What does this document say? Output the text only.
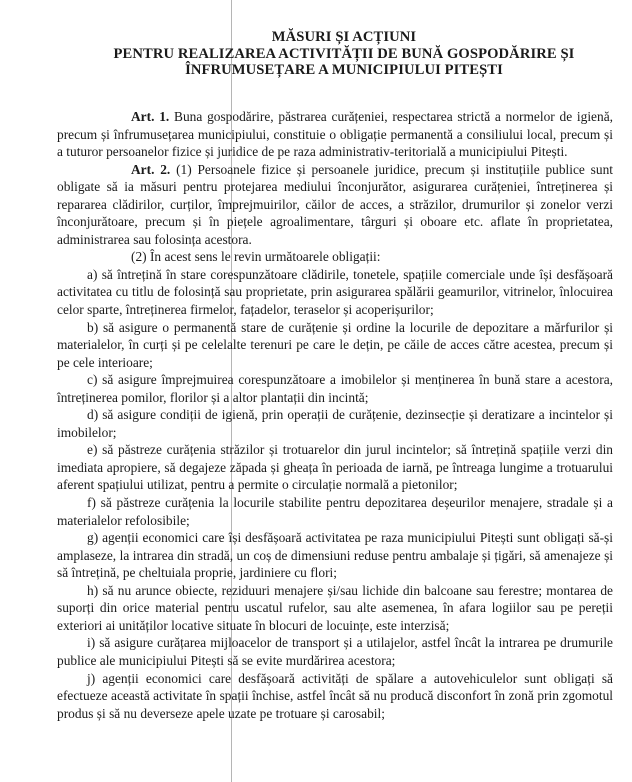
MĂSURI ȘI ACȚIUNI
PENTRU REALIZAREA ACTIVITĂȚII DE BUNĂ GOSPODĂRIRE ȘI
ÎNFRUMUSEȚARE A MUNICIPIULUI PITEȘTI

Art. 1. Buna gospodărire, păstrarea curățeniei, respectarea strictă a normelor de igienă, precum și înfrumusețarea municipiului, constituie o obligație permanentă a consiliului local, precum și a tuturor persoanelor fizice și juridice de pe raza administrativ-teritorială a municipiului Pitești.

Art. 2. (1) Persoanele fizice și persoanele juridice, precum și instituțiile publice sunt obligate să ia măsuri pentru protejarea mediului înconjurător, asigurarea curățeniei, întreținerea și repararea clădirilor, curților, împrejmuirilor, căilor de acces, a străzilor, drumurilor și zonelor verzi înconjurătoare, precum și în piețele agroalimentare, târguri și oboare etc. aflate în proprietatea, administrarea sau folosința acestora.

(2) În acest sens le revin următoarele obligații:

a) să întrețină în stare corespunzătoare clădirile, tonetele, spațiile comerciale unde își desfășoară activitatea cu titlu de folosință sau proprietate, prin asigurarea spălării geamurilor, vitrinelor, înlocuirea celor sparte, întreținerea firmelor, fațadelor, teraselor și acoperișurilor;

b) să asigure o permanentă stare de curățenie și ordine la locurile de depozitare a mărfurilor și materialelor, în curți și pe celelalte terenuri pe care le dețin, pe căile de acces către acestea, precum și pe cele interioare;

c) să asigure împrejmuirea corespunzătoare a imobilelor și menținerea în bună stare a acestora, întreținerea pomilor, florilor și a altor plantații din incintă;

d) să asigure condiții de igienă, prin operații de curățenie, dezinsecție și deratizare a incintelor și imobilelor;

e) să păstreze curățenia străzilor și trotuarelor din jurul incintelor; să întrețină spațiile verzi din imediata apropiere, să degajeze zăpada și gheața în perioada de iarnă, pe întreaga lungime a trotuarului aferent spațiului utilizat, pentru a permite o circulație normală a pietonilor;

f) să păstreze curățenia la locurile stabilite pentru depozitarea deșeurilor menajere, stradale și a materialelor refolosibile;

g) agenții economici care își desfășoară activitatea pe raza municipiului Pitești sunt obligați să-și amplaseze, la intrarea din stradă, un coș de dimensiuni reduse pentru ambalaje și țigări, să amenajeze și să întrețină, pe cheltuiala proprie, jardiniere cu flori;

h) să nu arunce obiecte, reziduuri menajere și/sau lichide din balcoane sau ferestre; montarea de suporți din orice material pentru uscatul rufelor, sau alte asemenea, în afara logiilor sau pe pereții exteriori ai unităților locative situate în blocuri de locuințe, este interzisă;

i) să asigure curățarea mijloacelor de transport și a utilajelor, astfel încât la intrarea pe drumurile publice ale municipiului Pitești să se evite murdărirea acestora;

j) agenții economici care desfășoară activități de spălare a autovehiculelor sunt obligați să efectueze această activitate în spații închise, astfel încât să nu producă disconfort în zonă prin zgomotul produs și să nu deverseze apele uzate pe trotuare și carosabil;
